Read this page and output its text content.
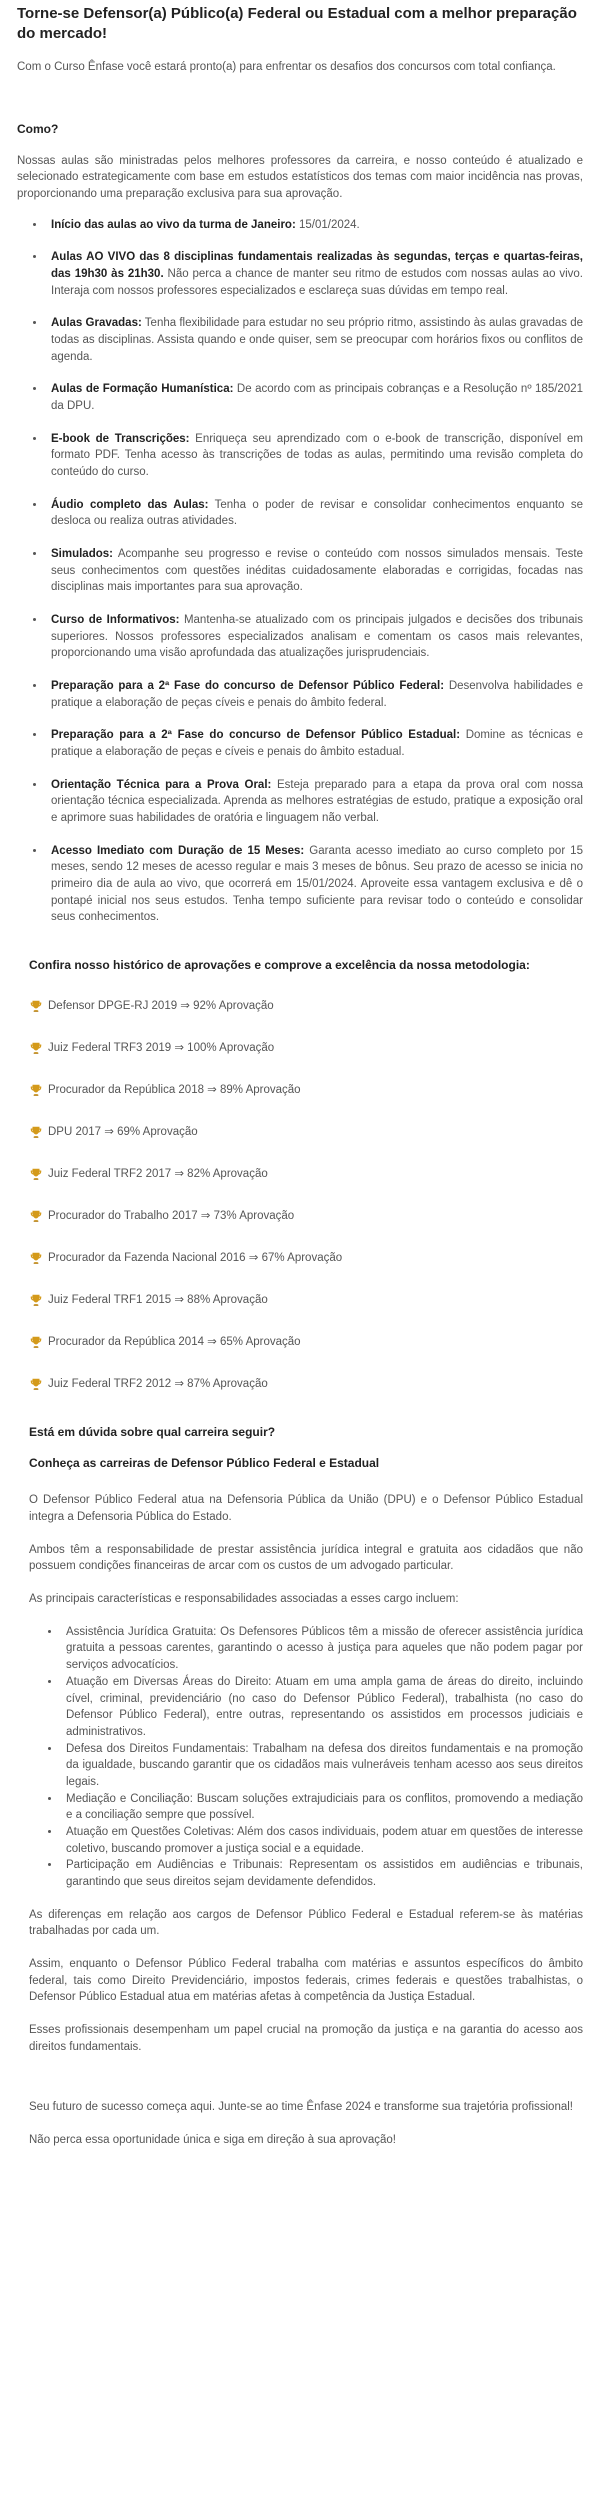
Torne-se Defensor(a) Público(a) Federal ou Estadual com a melhor preparação do mercado!

Com o Curso Ênfase você estará pronto(a) para enfrentar os desafios dos concursos com total confiança.

Como?

Nossas aulas são ministradas pelos melhores professores da carreira, e nosso conteúdo é atualizado e selecionado estrategicamente com base em estudos estatísticos dos temas com maior incidência nas provas, proporcionando uma preparação exclusiva para sua aprovação.

• Início das aulas ao vivo da turma de Janeiro: 15/01/2024.
• Aulas AO VIVO das 8 disciplinas fundamentais realizadas às segundas, terças e quartas-feiras, das 19h30 às 21h30. Não perca a chance de manter seu ritmo de estudos com nossas aulas ao vivo. Interaja com nossos professores especializados e esclareça suas dúvidas em tempo real.
• Aulas Gravadas: Tenha flexibilidade para estudar no seu próprio ritmo, assistindo às aulas gravadas de todas as disciplinas. Assista quando e onde quiser, sem se preocupar com horários fixos ou conflitos de agenda.
• Aulas de Formação Humanística: De acordo com as principais cobranças e a Resolução nº 185/2021 da DPU.
• E-book de Transcrições: Enriqueça seu aprendizado com o e-book de transcrição, disponível em formato PDF. Tenha acesso às transcrições de todas as aulas, permitindo uma revisão completa do conteúdo do curso.
• Áudio completo das Aulas: Tenha o poder de revisar e consolidar conhecimentos enquanto se desloca ou realiza outras atividades.
• Simulados: Acompanhe seu progresso e revise o conteúdo com nossos simulados mensais. Teste seus conhecimentos com questões inéditas cuidadosamente elaboradas e corrigidas, focadas nas disciplinas mais importantes para sua aprovação.
• Curso de Informativos: Mantenha-se atualizado com os principais julgados e decisões dos tribunais superiores. Nossos professores especializados analisam e comentam os casos mais relevantes, proporcionando uma visão aprofundada das atualizações jurisprudenciais.
• Preparação para a 2ª Fase do concurso de Defensor Público Federal: Desenvolva habilidades e pratique a elaboração de peças cíveis e penais do âmbito federal.
• Preparação para a 2ª Fase do concurso de Defensor Público Estadual: Domine as técnicas e pratique a elaboração de peças e cíveis e penais do âmbito estadual.
• Orientação Técnica para a Prova Oral: Esteja preparado para a etapa da prova oral com nossa orientação técnica especializada. Aprenda as melhores estratégias de estudo, pratique a exposição oral e aprimore suas habilidades de oratória e linguagem não verbal.
• Acesso Imediato com Duração de 15 Meses: Garanta acesso imediato ao curso completo por 15 meses, sendo 12 meses de acesso regular e mais 3 meses de bônus. Seu prazo de acesso se inicia no primeiro dia de aula ao vivo, que ocorrerá em 15/01/2024. Aproveite essa vantagem exclusiva e dê o pontapé inicial nos seus estudos. Tenha tempo suficiente para revisar todo o conteúdo e consolidar seus conhecimentos.
Confira nosso histórico de aprovações e comprove a excelência da nossa metodologia:
Defensor DPGE-RJ 2019 ⇒ 92% Aprovação
Juiz Federal TRF3 2019 ⇒ 100% Aprovação
Procurador da República 2018 ⇒ 89% Aprovação
DPU 2017 ⇒ 69% Aprovação
Juiz Federal TRF2 2017 ⇒ 82% Aprovação
Procurador do Trabalho 2017 ⇒ 73% Aprovação
Procurador da Fazenda Nacional 2016 ⇒ 67% Aprovação
Juiz Federal TRF1 2015 ⇒ 88% Aprovação
Procurador da República 2014 ⇒ 65% Aprovação
Juiz Federal TRF2 2012 ⇒ 87% Aprovação
Está em dúvida sobre qual carreira seguir?
Conheça as carreiras de Defensor Público Federal e Estadual

O Defensor Público Federal atua na Defensoria Pública da União (DPU) e o Defensor Público Estadual integra a Defensoria Pública do Estado.

Ambos têm a responsabilidade de prestar assistência jurídica integral e gratuita aos cidadãos que não possuem condições financeiras de arcar com os custos de um advogado particular.

As principais características e responsabilidades associadas a esses cargo incluem:

• Assistência Jurídica Gratuita: Os Defensores Públicos têm a missão de oferecer assistência jurídica gratuita a pessoas carentes, garantindo o acesso à justiça para aqueles que não podem pagar por serviços advocatícios.
• Atuação em Diversas Áreas do Direito: Atuam em uma ampla gama de áreas do direito, incluindo cível, criminal, previdenciário (no caso do Defensor Público Federal), trabalhista (no caso do Defensor Público Federal), entre outras, representando os assistidos em processos judiciais e administrativos.
• Defesa dos Direitos Fundamentais: Trabalham na defesa dos direitos fundamentais e na promoção da igualdade, buscando garantir que os cidadãos mais vulneráveis tenham acesso aos seus direitos legais.
• Mediação e Conciliação: Buscam soluções extrajudiciais para os conflitos, promovendo a mediação e a conciliação sempre que possível.
• Atuação em Questões Coletivas: Além dos casos individuais, podem atuar em questões de interesse coletivo, buscando promover a justiça social e a equidade.
• Participação em Audiências e Tribunais: Representam os assistidos em audiências e tribunais, garantindo que seus direitos sejam devidamente defendidos.

As diferenças em relação aos cargos de Defensor Público Federal e Estadual referem-se às matérias trabalhadas por cada um.

Assim, enquanto o Defensor Público Federal trabalha com matérias e assuntos específicos do âmbito federal, tais como Direito Previdenciário, impostos federais, crimes federais e questões trabalhistas, o Defensor Público Estadual atua em matérias afetas à competência da Justiça Estadual.

Esses profissionais desempenham um papel crucial na promoção da justiça e na garantia do acesso aos direitos fundamentais.

Seu futuro de sucesso começa aqui. Junte-se ao time Ênfase 2024 e transforme sua trajetória profissional!

Não perca essa oportunidade única e siga em direção à sua aprovação!
